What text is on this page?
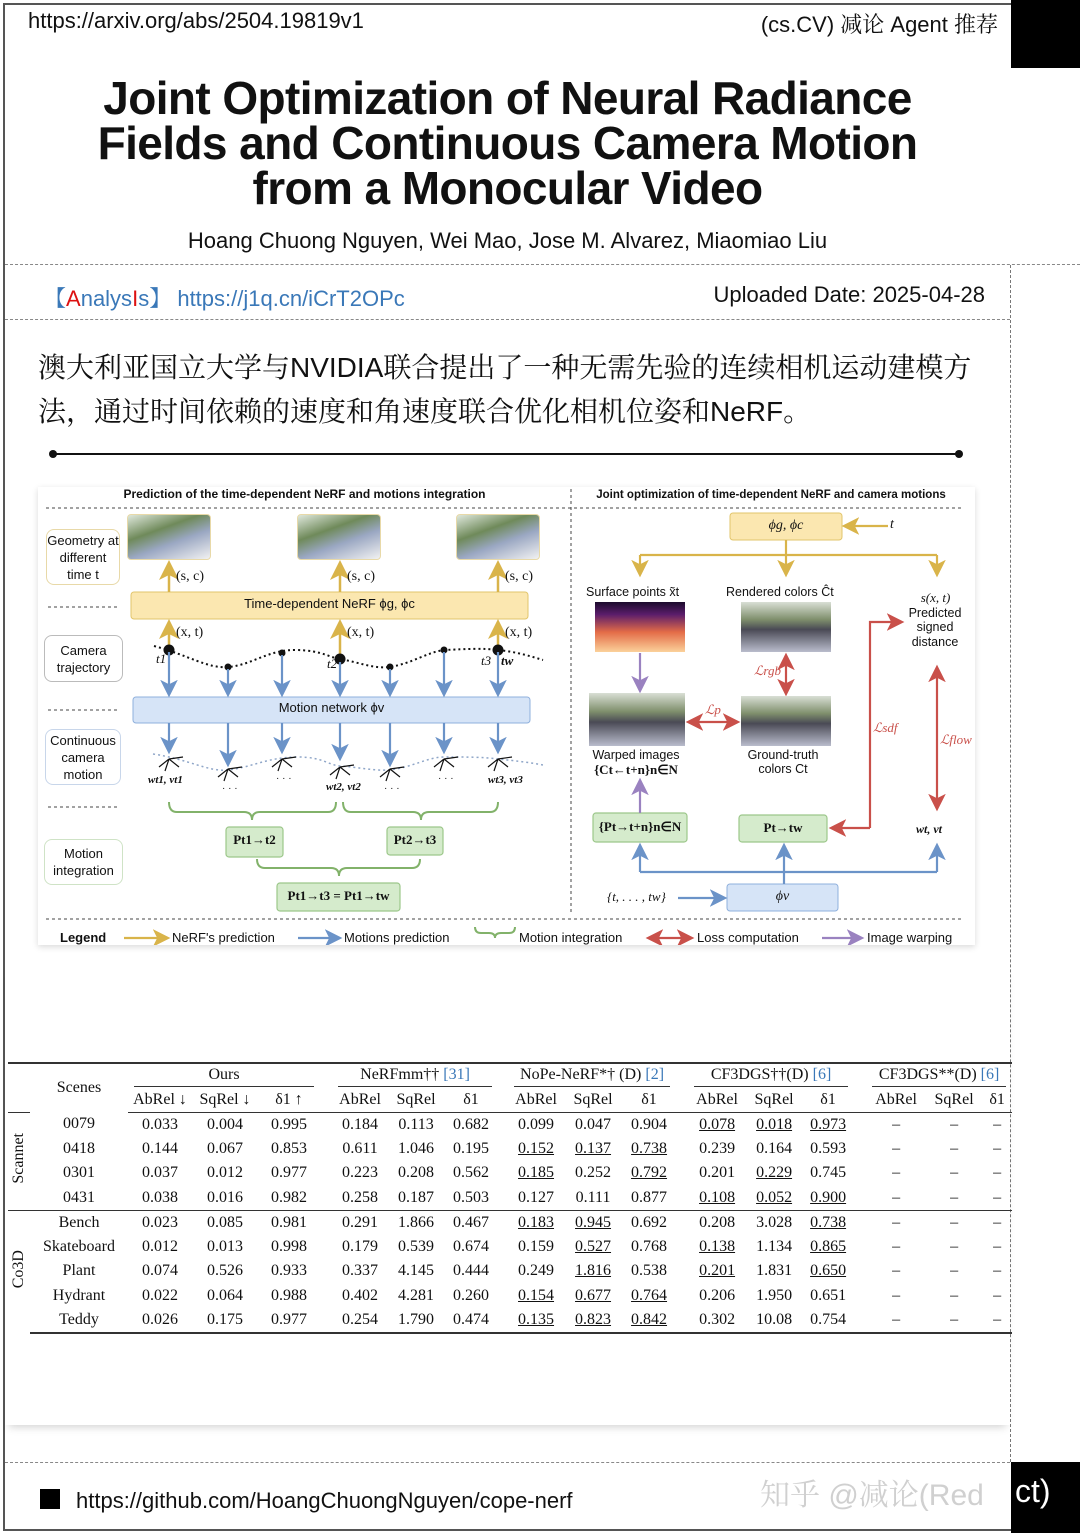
https://arxiv.org/abs/2504.19819v1	(cs.CV) 减论 Agent 推荐
Joint Optimization of Neural Radiance
Fields and Continuous Camera Motion
from a Monocular Video
Hoang Chuong Nguyen, Wei Mao, Jose M. Alvarez, Miaomiao Liu
【AnalysIs】 https://j1q.cn/iCrT2OPc	Uploaded Date: 2025-04-28
澳大利亚国立大学与NVIDIA联合提出了一种无需先验的连续相机运动建模方法，通过时间依赖的速度和角速度联合优化相机位姿和NeRF。
Prediction of the time-dependent NeRF and motions integration	Joint optimization of time-dependent NeRF and camera motions
Geometry at different time t
Camera trajectory
Continuous camera motion
Motion integration
(s, c)	(s, c)	(s, c)
Time-dependent NeRF ϕg, ϕc
(x, t)	(x, t)	(x, t)
t1	t2	t3 tw
Motion network ϕv
wt1, vt1
wt2, vt2
wt3, vt3
· · ·
· · ·
· · ·
· · ·
Pt1→t2	Pt2→t3
Pt1→t3 = Pt1→tw
ϕg, ϕc	t
Surface points x̃t	Rendered colors Ĉt	s(x, t)
Predicted signed distance
ℒrgb
ℒp
ℒsdf
ℒflow
Warped images
{Ct←t+n}n∈N
Ground-truth colors Ct
{Pt→t+n}n∈N	Pt→tw	wt, vt
{t, . . . , tw}	ϕv
Legend	NeRF's prediction	Motions prediction	Motion integration	Loss computation	Image warping
	Scenes	Ours				NeRFmm†† [31]				NoPe-NeRF*† (D) [2]				CF3DGS††(D) [6]				CF3DGS**(D) [6]		

		AbRel ↓	SqRel ↓	δ1 ↑		AbRel	SqRel	δ1		AbRel	SqRel	δ1		AbRel	SqRel	δ1		AbRel	SqRel	δ1
Scannet	0079	0.033	0.004	0.995		0.184	0.113	0.682		0.099	0.047	0.904		0.078	0.018	0.973		–	–	–
	0418	0.144	0.067	0.853		0.611	1.046	0.195		0.152	0.137	0.738		0.239	0.164	0.593		–	–	–
	0301	0.037	0.012	0.977		0.223	0.208	0.562		0.185	0.252	0.792		0.201	0.229	0.745		–	–	–
	0431	0.038	0.016	0.982		0.258	0.187	0.503		0.127	0.111	0.877		0.108	0.052	0.900		–	–	–
Co3D	Bench	0.023	0.085	0.981		0.291	1.866	0.467		0.183	0.945	0.692		0.208	3.028	0.738		–	–	–
	Skateboard	0.012	0.013	0.998		0.179	0.539	0.674		0.159	0.527	0.768		0.138	1.134	0.865		–	–	–
	Plant	0.074	0.526	0.933		0.337	4.145	0.444		0.249	1.816	0.538		0.201	1.831	0.650		–	–	–
	Hydrant	0.022	0.064	0.988		0.402	4.281	0.260		0.154	0.677	0.764		0.206	1.950	0.651		–	–	–
	Teddy	0.026	0.175	0.977		0.254	1.790	0.474		0.135	0.823	0.842		0.302	10.08	0.754		–	–	–
https://github.com/HoangChuongNguyen/cope-nerf	知乎 @减论(Red ct)
